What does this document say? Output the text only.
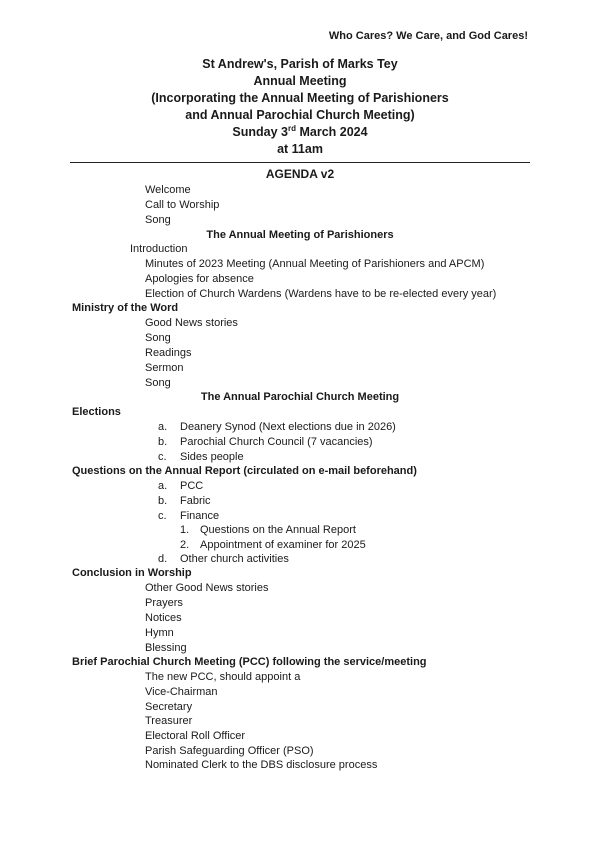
Who Cares? We Care, and God Cares!
St Andrew's, Parish of Marks Tey
Annual Meeting
(Incorporating the Annual Meeting of Parishioners
and Annual Parochial Church Meeting)
Sunday 3rd March 2024
at 11am
AGENDA v2
Welcome
Call to Worship
Song
The Annual Meeting of Parishioners
Introduction
Minutes of 2023 Meeting (Annual Meeting of Parishioners and APCM)
Apologies for absence
Election of Church Wardens (Wardens have to be re-elected every year)
Ministry of the Word
Good News stories
Song
Readings
Sermon
Song
The Annual Parochial Church Meeting
Elections
a. Deanery Synod (Next elections due in 2026)
b. Parochial Church Council (7 vacancies)
c. Sides people
Questions on the Annual Report (circulated on e-mail beforehand)
a. PCC
b. Fabric
c. Finance
1. Questions on the Annual Report
2. Appointment of examiner for 2025
d. Other church activities
Conclusion in Worship
Other Good News stories
Prayers
Notices
Hymn
Blessing
Brief Parochial Church Meeting (PCC) following the service/meeting
The new PCC, should appoint a
Vice-Chairman
Secretary
Treasurer
Electoral Roll Officer
Parish Safeguarding Officer (PSO)
Nominated Clerk to the DBS disclosure process
